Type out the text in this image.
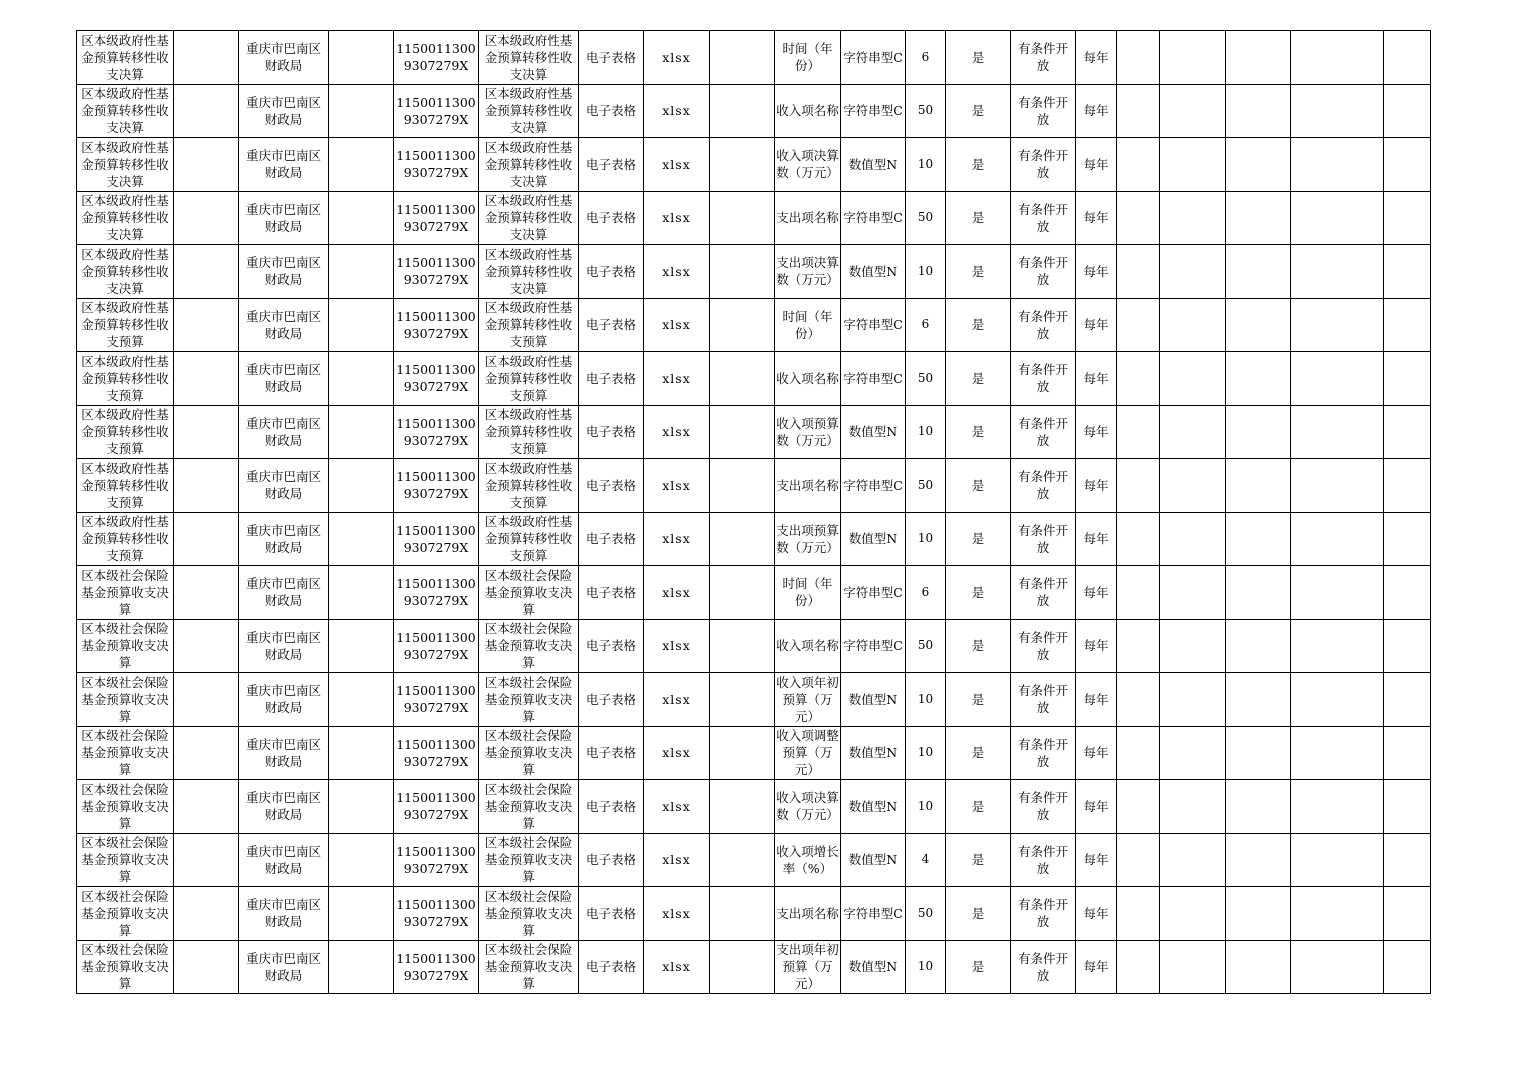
区本级政府性基金预算转移性收支决算		重庆市巴南区财政局		11500113009307279X	区本级政府性基金预算转移性收支决算	电子表格	xlsx		时间（年份）	字符串型C	6	是	有条件开放	每年					
区本级政府性基金预算转移性收支决算		重庆市巴南区财政局		11500113009307279X	区本级政府性基金预算转移性收支决算	电子表格	xlsx		收入项名称	字符串型C	50	是	有条件开放	每年					
区本级政府性基金预算转移性收支决算		重庆市巴南区财政局		11500113009307279X	区本级政府性基金预算转移性收支决算	电子表格	xlsx		收入项决算数（万元）	数值型N	10	是	有条件开放	每年					
区本级政府性基金预算转移性收支决算		重庆市巴南区财政局		11500113009307279X	区本级政府性基金预算转移性收支决算	电子表格	xlsx		支出项名称	字符串型C	50	是	有条件开放	每年					
区本级政府性基金预算转移性收支决算		重庆市巴南区财政局		11500113009307279X	区本级政府性基金预算转移性收支决算	电子表格	xlsx		支出项决算数（万元）	数值型N	10	是	有条件开放	每年					
区本级政府性基金预算转移性收支预算		重庆市巴南区财政局		11500113009307279X	区本级政府性基金预算转移性收支预算	电子表格	xlsx		时间（年份）	字符串型C	6	是	有条件开放	每年					
区本级政府性基金预算转移性收支预算		重庆市巴南区财政局		11500113009307279X	区本级政府性基金预算转移性收支预算	电子表格	xlsx		收入项名称	字符串型C	50	是	有条件开放	每年					
区本级政府性基金预算转移性收支预算		重庆市巴南区财政局		11500113009307279X	区本级政府性基金预算转移性收支预算	电子表格	xlsx		收入项预算数（万元）	数值型N	10	是	有条件开放	每年					
区本级政府性基金预算转移性收支预算		重庆市巴南区财政局		11500113009307279X	区本级政府性基金预算转移性收支预算	电子表格	xlsx		支出项名称	字符串型C	50	是	有条件开放	每年					
区本级政府性基金预算转移性收支预算		重庆市巴南区财政局		11500113009307279X	区本级政府性基金预算转移性收支预算	电子表格	xlsx		支出项预算数（万元）	数值型N	10	是	有条件开放	每年					
区本级社会保险基金预算收支决算		重庆市巴南区财政局		11500113009307279X	区本级社会保险基金预算收支决算	电子表格	xlsx		时间（年份）	字符串型C	6	是	有条件开放	每年					
区本级社会保险基金预算收支决算		重庆市巴南区财政局		11500113009307279X	区本级社会保险基金预算收支决算	电子表格	xlsx		收入项名称	字符串型C	50	是	有条件开放	每年					
区本级社会保险基金预算收支决算		重庆市巴南区财政局		11500113009307279X	区本级社会保险基金预算收支决算	电子表格	xlsx		收入项年初预算（万元）	数值型N	10	是	有条件开放	每年					
区本级社会保险基金预算收支决算		重庆市巴南区财政局		11500113009307279X	区本级社会保险基金预算收支决算	电子表格	xlsx		收入项调整预算（万元）	数值型N	10	是	有条件开放	每年					
区本级社会保险基金预算收支决算		重庆市巴南区财政局		11500113009307279X	区本级社会保险基金预算收支决算	电子表格	xlsx		收入项决算数（万元）	数值型N	10	是	有条件开放	每年					
区本级社会保险基金预算收支决算		重庆市巴南区财政局		11500113009307279X	区本级社会保险基金预算收支决算	电子表格	xlsx		收入项增长率（%）	数值型N	4	是	有条件开放	每年					
区本级社会保险基金预算收支决算		重庆市巴南区财政局		11500113009307279X	区本级社会保险基金预算收支决算	电子表格	xlsx		支出项名称	字符串型C	50	是	有条件开放	每年					
区本级社会保险基金预算收支决算		重庆市巴南区财政局		11500113009307279X	区本级社会保险基金预算收支决算	电子表格	xlsx		支出项年初预算（万元）	数值型N	10	是	有条件开放	每年					
